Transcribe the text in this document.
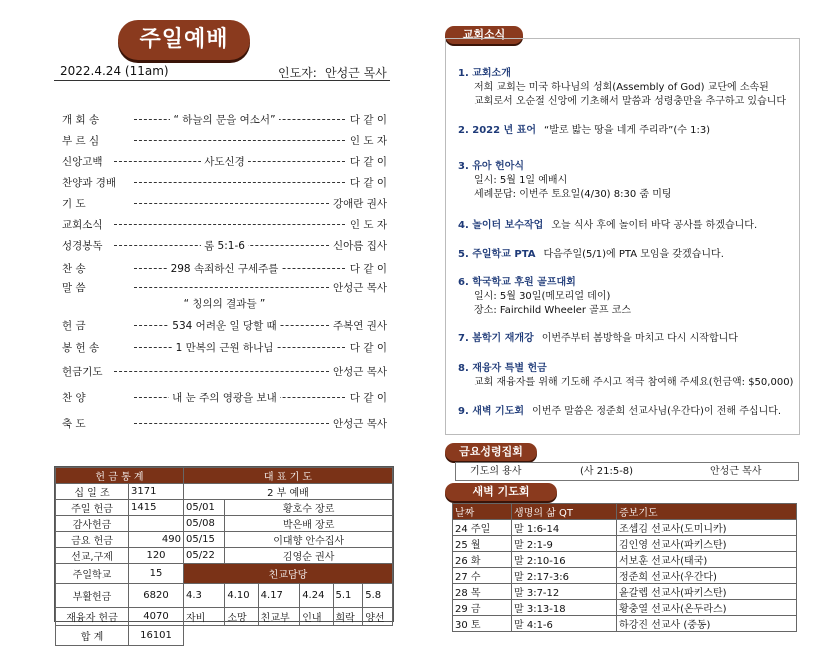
주일예배
2022.4.24 (11am)	인도자: 안성근 목사
개 회 송	“ 하늘의 문을 여소서”	다 같 이
부 르 심	인 도 자
신앙고백	사도신경	다 같 이
찬양과 경배	다 같 이
기 도	강애란 권사
교회소식	인 도 자
성경봉독	롬 5:1-6	신아름 집사
찬 송	298 속죄하신 구세주를	다 같 이
말 씀	안성근 목사
“ 칭의의 결과들 ”
헌 금	534 어려운 일 당할 때	주복연 권사
봉 헌 송	1 만복의 근원 하나님	다 같 이
헌금기도	안성근 목사
찬 양	내 눈 주의 영광을 보내	다 같 이
축 도	안성근 목사
헌 금 통 계		대 표 기 도					
십 일 조	3171	2 부 예배					
주일 헌금	1415	05/01	황호수 장로				
감사헌금		05/08	박은배 장로				
금요 헌금	490	05/15	이대향 안수집사				
선교,구제	120	05/22	김영순 권사				
주일학교	15	친교담당					
부활헌금	6820	4.3	4.10	4.17	4.24	5.1	5.8
재융자 헌금	4070	자비	소망	친교부	인내	희락	양선
합 계	16101						
교회소식
1. 교회소개
저희 교회는 미국 하나님의 성회(Assembly of God) 교단에 소속된
교회로서 오순절 신앙에 기초해서 말씀과 성령충만을 추구하고 있습니다
2. 2022 년 표어 “발로 밟는 땅을 네게 주리라”(수 1:3)
3. 유아 헌아식
일시: 5월 1일 예배시
세례문답: 이번주 토요일(4/30) 8:30 줌 미팅
4. 놀이터 보수작업 오늘 식사 후에 놀이터 바닥 공사를 하겠습니다.
5. 주일학교 PTA 다음주일(5/1)에 PTA 모임을 갖겠습니다.
6. 학국학교 후원 골프대회
일시: 5월 30일(메모리얼 데이)
장소: Fairchild Wheeler 골프 코스
7. 봄학기 재개강 이번주부터 봄방학을 마치고 다시 시작합니다
8. 재융자 특별 헌금
교회 재융자를 위해 기도해 주시고 적극 참여해 주세요(헌금액: $50,000)
9. 새벽 기도회 이번주 말씀은 정준희 선교사님(우간다)이 전해 주십니다.
금요성령집회
기도의 용사	(사 21:5-8)	안성근 목사
새벽 기도회
날짜	생명의 삶 QT	증보기도
24 주일	말 1:6-14	조셉김 선교사(도미니카)
25 월	말 2:1-9	김인영 선교사(파키스탄)
26 화	말 2:10-16	서보훈 선교사(태국)
27 수	말 2:17-3:6	정준희 선교사(우간다)
28 목	말 3:7-12	윤갈렙 선교사(파키스탄)
29 금	말 3:13-18	황충열 선교사(온두라스)
30 토	말 4:1-6	하강진 선교사 (중동)
